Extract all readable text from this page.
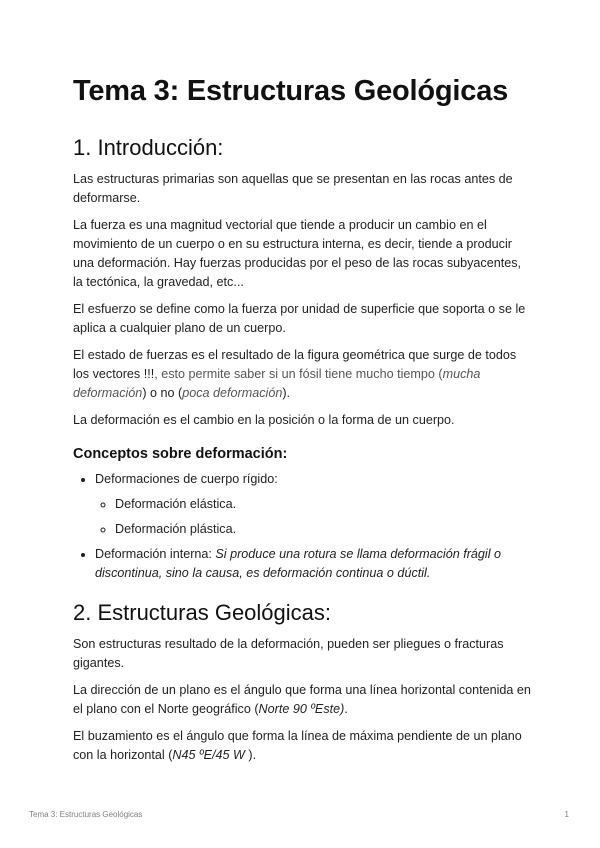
Tema 3: Estructuras Geológicas
1. Introducción:

Las estructuras primarias son aquellas que se presentan en las rocas antes de deformarse.

La fuerza es una magnitud vectorial que tiende a producir un cambio en el movimiento de un cuerpo o en su estructura interna, es decir, tiende a producir una deformación. Hay fuerzas producidas por el peso de las rocas subyacentes, la tectónica, la gravedad, etc...

El esfuerzo se define como la fuerza por unidad de superficie que soporta o se le aplica a cualquier plano de un cuerpo.

El estado de fuerzas es el resultado de la figura geométrica que surge de todos los vectores !!!, esto permite saber si un fósil tiene mucho tiempo (mucha deformación) o no (poca deformación).

La deformación es el cambio en la posición o la forma de un cuerpo.

Conceptos sobre deformación:
• Deformaciones de cuerpo rígido:
◦ Deformación elástica.
◦ Deformación plástica.
• Deformación interna: Si produce una rotura se llama deformación frágil o discontinua, sino la causa, es deformación continua o dúctil.
2. Estructuras Geológicas:

Son estructuras resultado de la deformación, pueden ser pliegues o fracturas gigantes.

La dirección de un plano es el ángulo que forma una línea horizontal contenida en el plano con el Norte geográfico (Norte 90 ºEste).

El buzamiento es el ángulo que forma la línea de máxima pendiente de un plano con la horizontal (N45 ºE/45 W ).

Tema 3: Estructuras Geológicas	1
